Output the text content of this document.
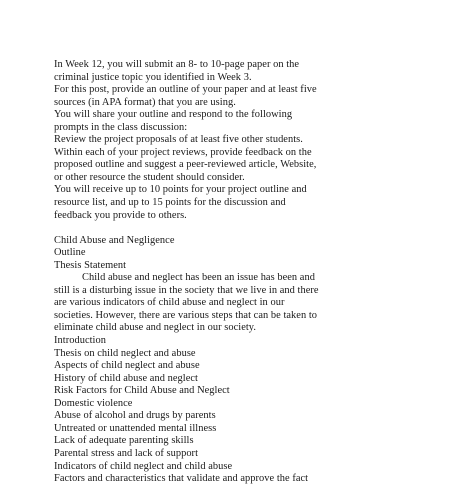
In Week 12, you will submit an 8- to 10-page paper on the
criminal justice topic you identified in Week 3.
For this post, provide an outline of your paper and at least five
sources (in APA format) that you are using.
You will share your outline and respond to the following
prompts in the class discussion:
Review the project proposals of at least five other students.
Within each of your project reviews, provide feedback on the
proposed outline and suggest a peer-reviewed article, Website,
or other resource the student should consider.
You will receive up to 10 points for your project outline and
resource list, and up to 15 points for the discussion and
feedback you provide to others.
Child Abuse and Negligence
Outline
Thesis Statement
Child abuse and neglect has been an issue has been and
still is a disturbing issue in the society that we live in and there
are various indicators of child abuse and neglect in our
societies. However, there are various steps that can be taken to
eliminate child abuse and neglect in our society.
Introduction
Thesis on child neglect and abuse
Aspects of child neglect and abuse
History of child abuse and neglect
Risk Factors for Child Abuse and Neglect
Domestic violence
Abuse of alcohol and drugs by parents
Untreated or unattended mental illness
Lack of adequate parenting skills
Parental stress and lack of support
Indicators of child neglect and child abuse
Factors and characteristics that validate and approve the fact
